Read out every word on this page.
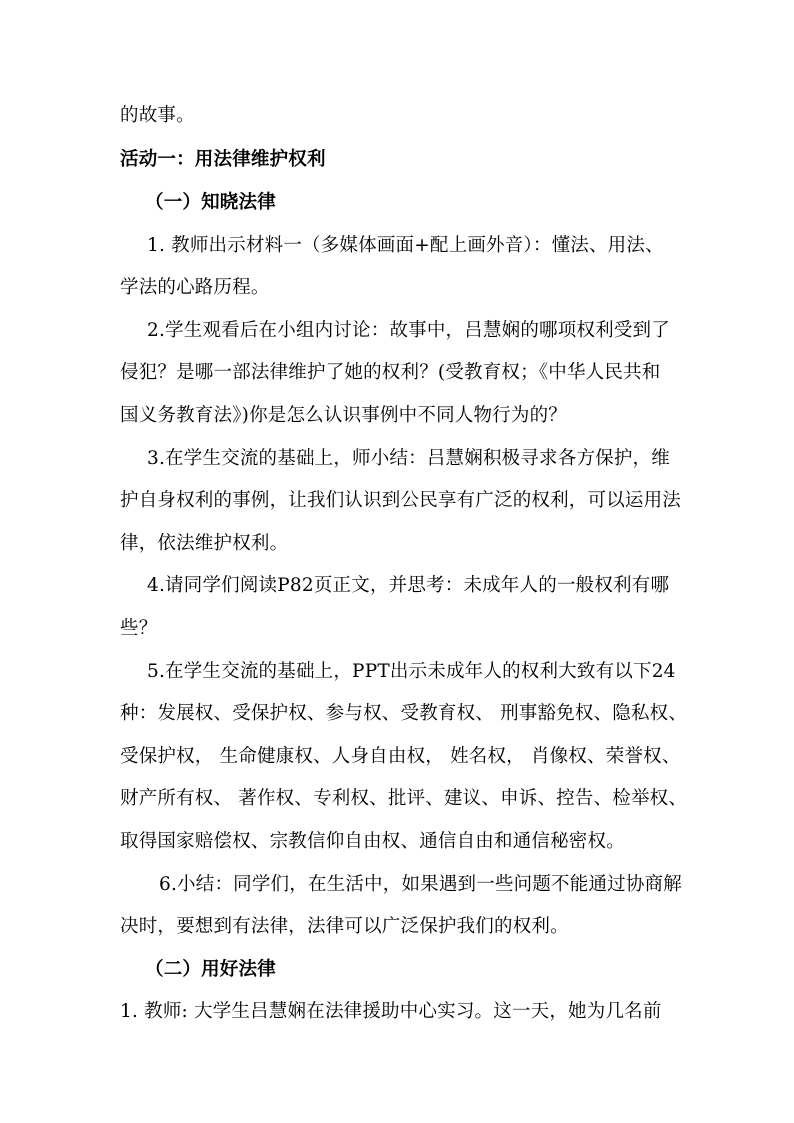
的故事。
活动一：用法律维护权利
（一）知晓法律
1. 教师出示材料一（多媒体画面+配上画外音）：懂法、用法、
学法的心路历程。
2.学生观看后在小组内讨论：故事中，吕慧娴的哪项权利受到了
侵犯？是哪一部法律维护了她的权利？(受教育权；《中华人民共和
国义务教育法》)你是怎么认识事例中不同人物行为的？
3.在学生交流的基础上，师小结：吕慧娴积极寻求各方保护，维
护自身权利的事例，让我们认识到公民享有广泛的权利，可以运用法
律，依法维护权利。
4.请同学们阅读P82页正文，并思考：未成年人的一般权利有哪
些？
5.在学生交流的基础上，PPT出示未成年人的权利大致有以下24
种：发展权、受保护权、参与权、受教育权、 刑事豁免权、隐私权、
受保护权， 生命健康权、人身自由权， 姓名权， 肖像权、荣誉权、
财产所有权、 著作权、专利权、批评、建议、申诉、控告、检举权、
取得国家赔偿权、宗教信仰自由权、通信自由和通信秘密权。
6.小结：同学们，在生活中，如果遇到一些问题不能通过协商解
决时，要想到有法律，法律可以广泛保护我们的权利。
（二）用好法律
1. 教师: 大学生吕慧娴在法律援助中心实习。这一天，她为几名前
